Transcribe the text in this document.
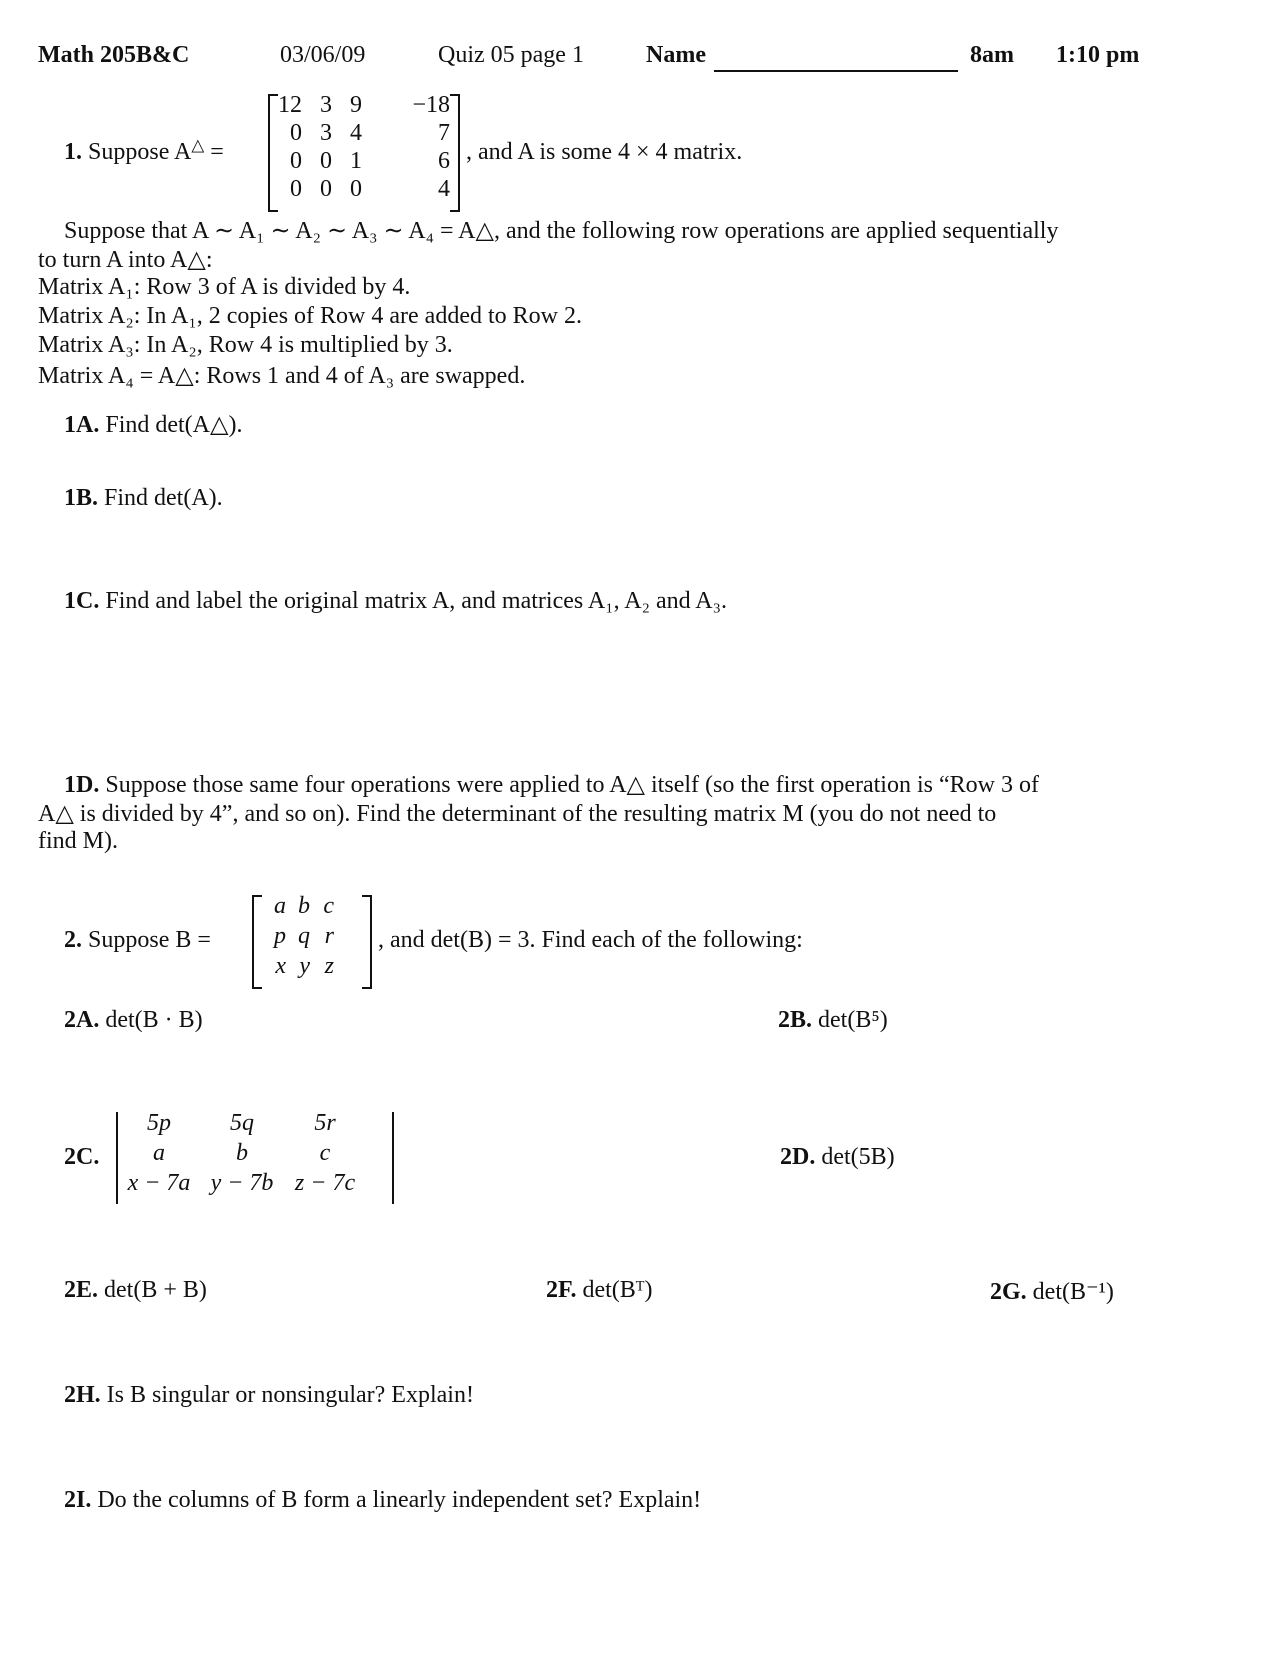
Math 205B&C	03/06/09	Quiz 05 page 1	Name	8am 1:10 pm
1. Suppose A△ =
12 3 9 −18
0 3 4	7
0 0 1	6
0 0 0	4
, and A is some 4 × 4 matrix.
Suppose that A ∼ A₁ ∼ A₂ ∼ A₃ ∼ A₄ = A△, and the following row operations are applied sequentially
to turn A into A△:
Matrix A₁: Row 3 of A is divided by 4.
Matrix A₂: In A₁, 2 copies of Row 4 are added to Row 2.
Matrix A₃: In A₂, Row 4 is multiplied by 3.
Matrix A₄ = A△: Rows 1 and 4 of A₃ are swapped.
1A. Find det(A△).
1B. Find det(A).
1C. Find and label the original matrix A, and matrices A₁, A₂ and A₃.
1D. Suppose those same four operations were applied to A△ itself (so the first operation is “Row 3 of
A△ is divided by 4”, and so on). Find the determinant of the resulting matrix M (you do not need to
find M).
2. Suppose B =
a b c
p q r
x y z
, and det(B) = 3. Find each of the following:
2A. det(B · B)	2B. det(B⁵)
2C.
5p	5q	5r
a	b	c
x − 7a y − 7b z − 7c
2D. det(5B)
2E. det(B + B)	2F. det(Bᵀ)	2G. det(B⁻¹)
2H. Is B singular or nonsingular? Explain!
2I. Do the columns of B form a linearly independent set? Explain!
